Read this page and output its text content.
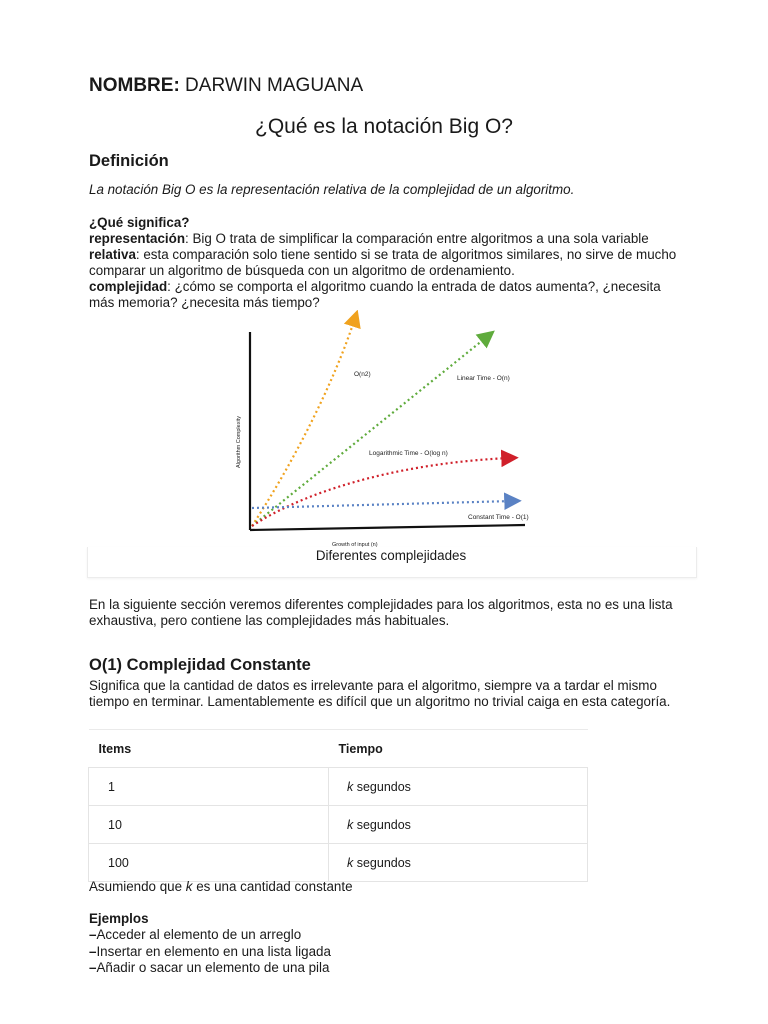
NOMBRE: DARWIN MAGUANA
¿Qué es la notación Big O?
Definición
La notación Big O es la representación relativa de la complejidad de un algoritmo.
¿Qué significa?
representación: Big O trata de simplificar la comparación entre algoritmos a una sola variable
relativa: esta comparación solo tiene sentido si se trata de algoritmos similares, no sirve de mucho comparar un algoritmo de búsqueda con un algoritmo de ordenamiento.
complejidad: ¿cómo se comporta el algoritmo cuando la entrada de datos aumenta?, ¿necesita más memoria? ¿necesita más tiempo?
O(n2)
Linear Time - O(n)
Logarithmic Time - O(log n)
Constant Time - O(1)
Growth of input (n)
Algorithm Complexity
Diferentes complejidades
En la siguiente sección veremos diferentes complejidades para los algoritmos, esta no es una lista exhaustiva, pero contiene las complejidades más habituales.
O(1) Complejidad Constante
Significa que la cantidad de datos es irrelevante para el algoritmo, siempre va a tardar el mismo tiempo en terminar. Lamentablemente es difícil que un algoritmo no trivial caiga en esta categoría.
Items	Tiempo
1	k segundos
10	k segundos
100	k segundos
Asumiendo que k es una cantidad constante
Ejemplos
–Acceder al elemento de un arreglo
–Insertar en elemento en una lista ligada
–Añadir o sacar un elemento de una pila
